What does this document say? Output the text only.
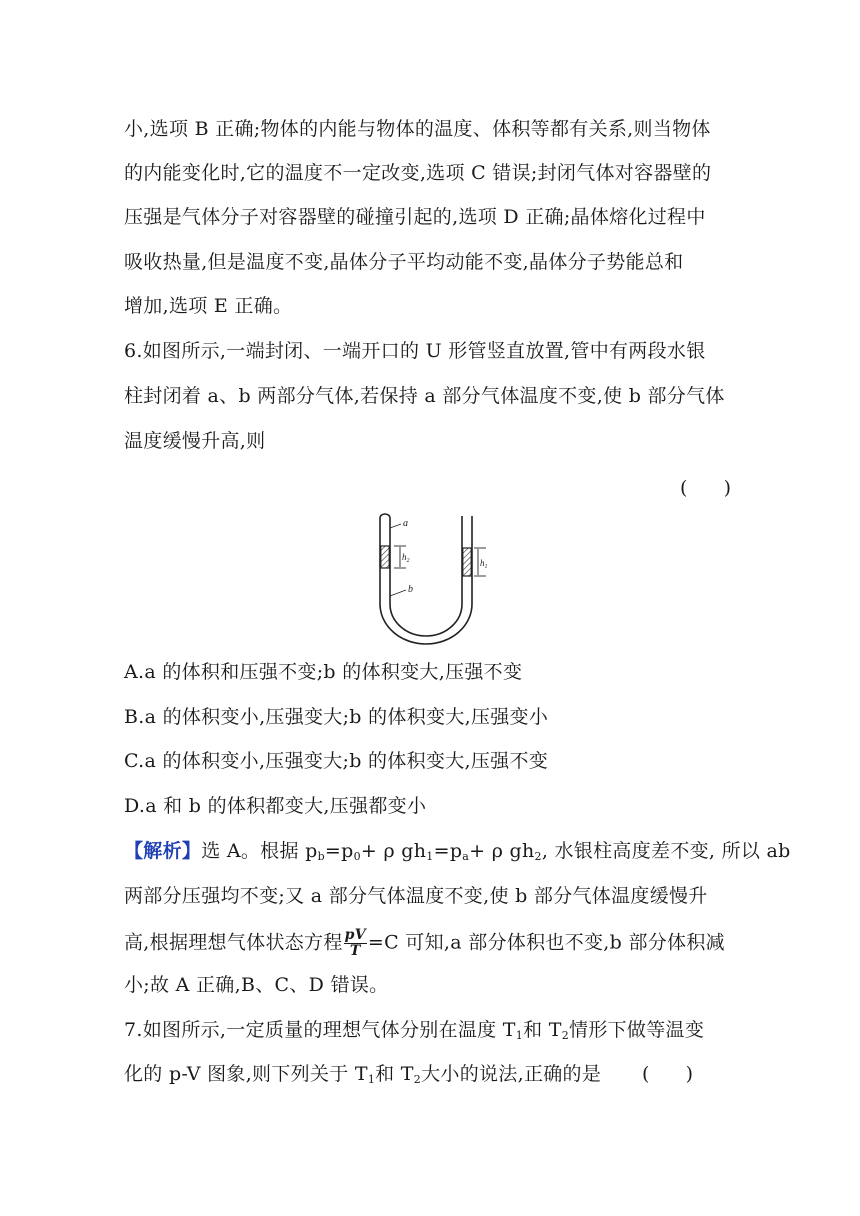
小,选项 B 正确;物体的内能与物体的温度、体积等都有关系,则当物体
的内能变化时,它的温度不一定改变,选项 C 错误;封闭气体对容器壁的
压强是气体分子对容器壁的碰撞引起的,选项 D 正确;晶体熔化过程中
吸收热量,但是温度不变,晶体分子平均动能不变,晶体分子势能总和
增加,选项 E 正确。
6.如图所示,一端封闭、一端开口的 U 形管竖直放置,管中有两段水银
柱封闭着 a、b 两部分气体,若保持 a 部分气体温度不变,使 b 部分气体
温度缓慢升高,则
(      )
a
b
$h_2$	$h_1$
A.a 的体积和压强不变;b 的体积变大,压强不变
B.a 的体积变小,压强变大;b 的体积变大,压强变小
C.a 的体积变小,压强变大;b 的体积变大,压强不变
D.a 和 b 的体积都变大,压强都变小
【解析】选 A。根据 $p_b=p_0+ \rho$ $gh_1=p_a+ \rho$ $gh_2$, 水银柱高度差不变, 所以 ab
两部分压强均不变;又 a 部分气体温度不变,使 b 部分气体温度缓慢升
高,根据理想气体状态方程 $\frac{pV}{T} =C$ 可知,a 部分体积也不变,b 部分体积减
小;故 A 正确,B、C、D 错误。
7.如图所示,一定质量的理想气体分别在温度 $T_1$和 $T_2$情形下做等温变
化的 p-V 图象,则下列关于 $T_1$和 $T_2$大小的说法,正确的是	(      )
